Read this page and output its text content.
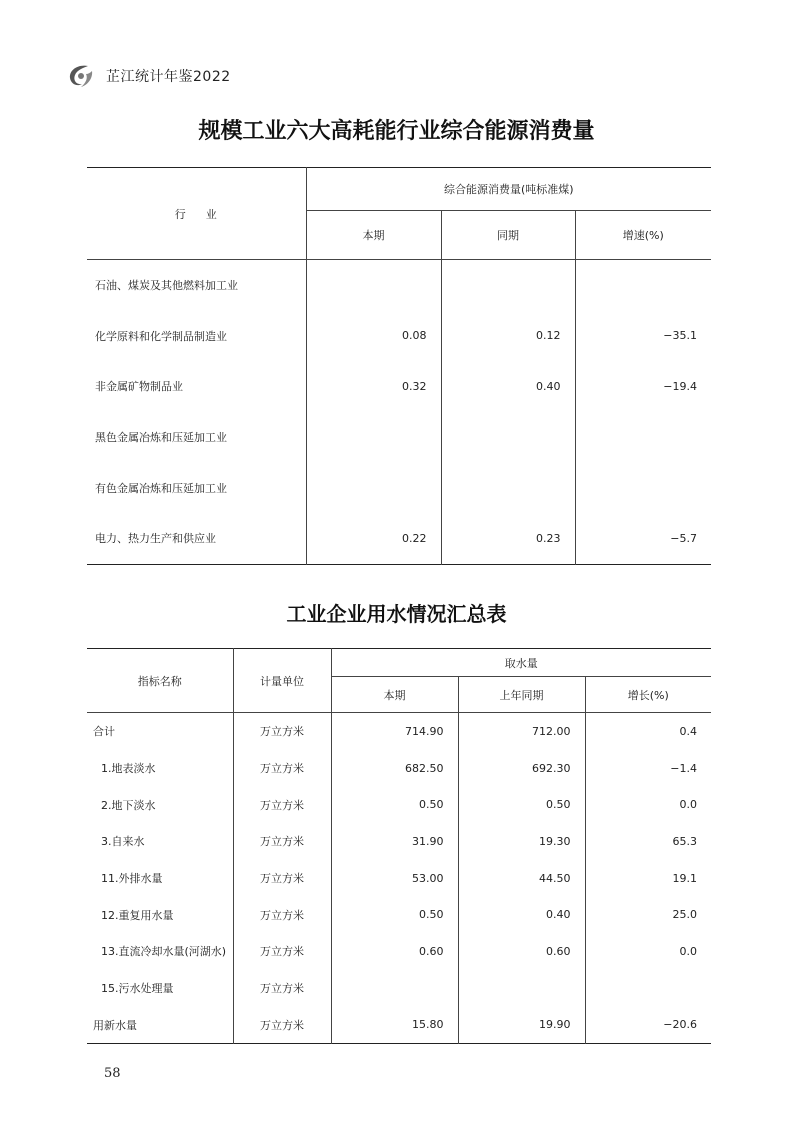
芷江统计年鉴2022
规模工业六大高耗能行业综合能源消费量
行业	综合能源消费量(吨标准煤)		
	本期	同期	增速(%)
石油、煤炭及其他燃料加工业			
化学原料和化学制品制造业	0.08	0.12	−35.1
非金属矿物制品业	0.32	0.40	−19.4
黑色金属冶炼和压延加工业			
有色金属冶炼和压延加工业			
电力、热力生产和供应业	0.22	0.23	−5.7
工业企业用水情况汇总表
指标名称	计量单位	取水量		
		本期	上年同期	增长(%)
合计	万立方米	714.90	712.00	0.4
1.地表淡水	万立方米	682.50	692.30	−1.4
2.地下淡水	万立方米	0.50	0.50	0.0
3.自来水	万立方米	31.90	19.30	65.3
11.外排水量	万立方米	53.00	44.50	19.1
12.重复用水量	万立方米	0.50	0.40	25.0
13.直流冷却水量(河湖水)	万立方米	0.60	0.60	0.0
15.污水处理量	万立方米			
用新水量	万立方米	15.80	19.90	−20.6
58
